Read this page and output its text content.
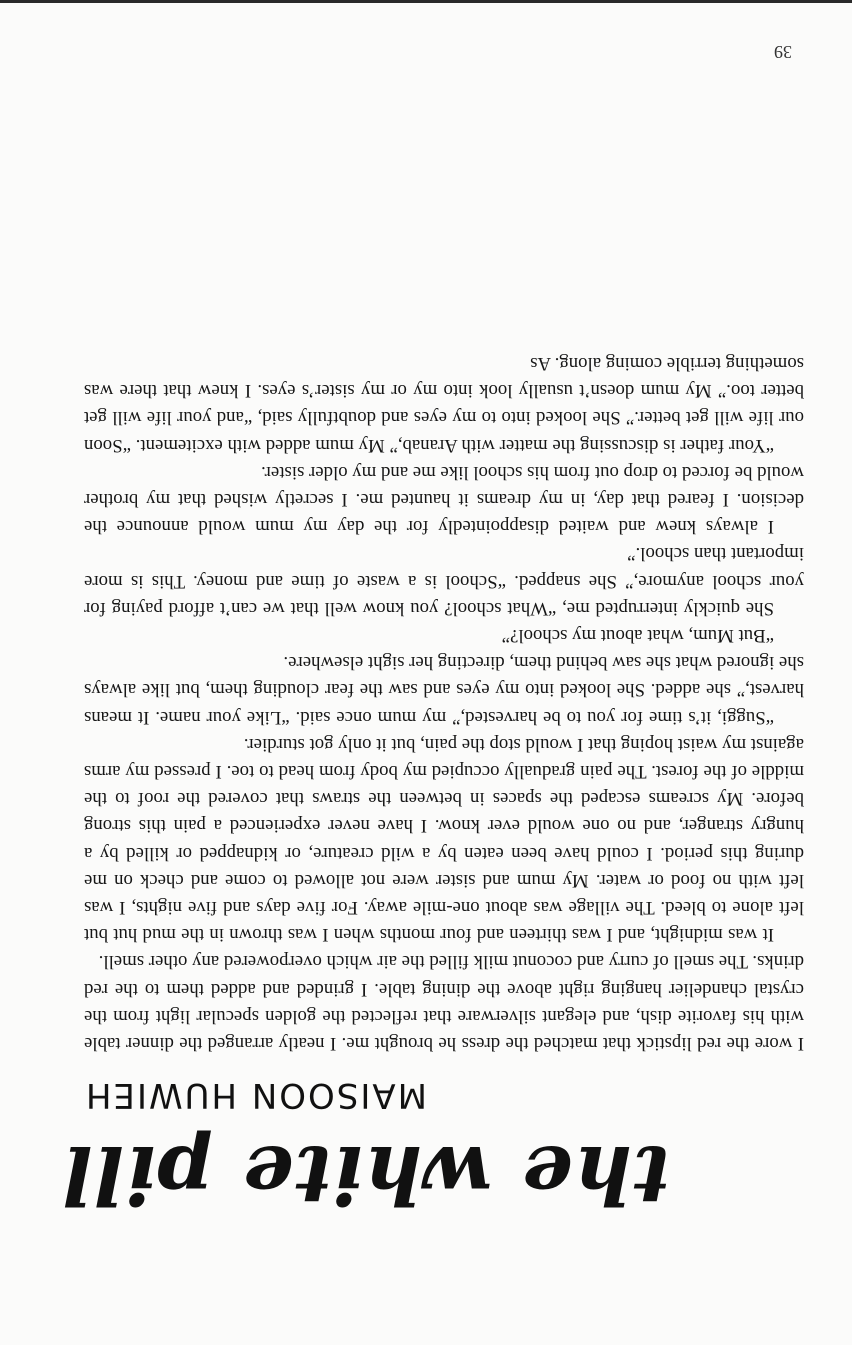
the white pill
MAISOON HUWIEH

I wore the red lipstick that matched the dress he brought me. I neatly arranged the dinner table with his favorite dish, and elegant silverware that reflected the golden specular light from the crystal chandelier hanging right above the dining table. I grinded and added them to the red drinks. The smell of curry and coconut milk filled the air which overpowered any other smell.

It was midnight, and I was thirteen and four months when I was thrown in the mud hut but left alone to bleed. The village was about one-mile away. For five days and five nights, I was left with no food or water. My mum and sister were not allowed to come and check on me during this period. I could have been eaten by a wild creature, or kidnapped or killed by a hungry stranger, and no one would ever know. I have never experienced a pain this strong before. My screams escaped the spaces in between the straws that covered the roof to the middle of the forest. The pain gradually occupied my body from head to toe. I pressed my arms against my waist hoping that I would stop the pain, but it only got sturdier.

“Suggi, it’s time for you to be harvested,” my mum once said. “Like your name. It means harvest,” she added. She looked into my eyes and saw the fear clouding them, but like always she ignored what she saw behind them, directing her sight elsewhere.

“But Mum, what about my school?”

She quickly interrupted me, “What school? you know well that we can’t afford paying for your school anymore,” She snapped. “School is a waste of time and money. This is more important than school.”

I always knew and waited disappointedly for the day my mum would announce the decision. I feared that day, in my dreams it haunted me. I secretly wished that my brother would be forced to drop out from his school like me and my older sister.

“Your father is discussing the matter with Aranab,” My mum added with excitement. “Soon our life will get better.” She looked into to my eyes and doubtfully said, “and your life will get better too.” My mum doesn’t usually look into my or my sister’s eyes. I knew that there was something terrible coming along. As

39
